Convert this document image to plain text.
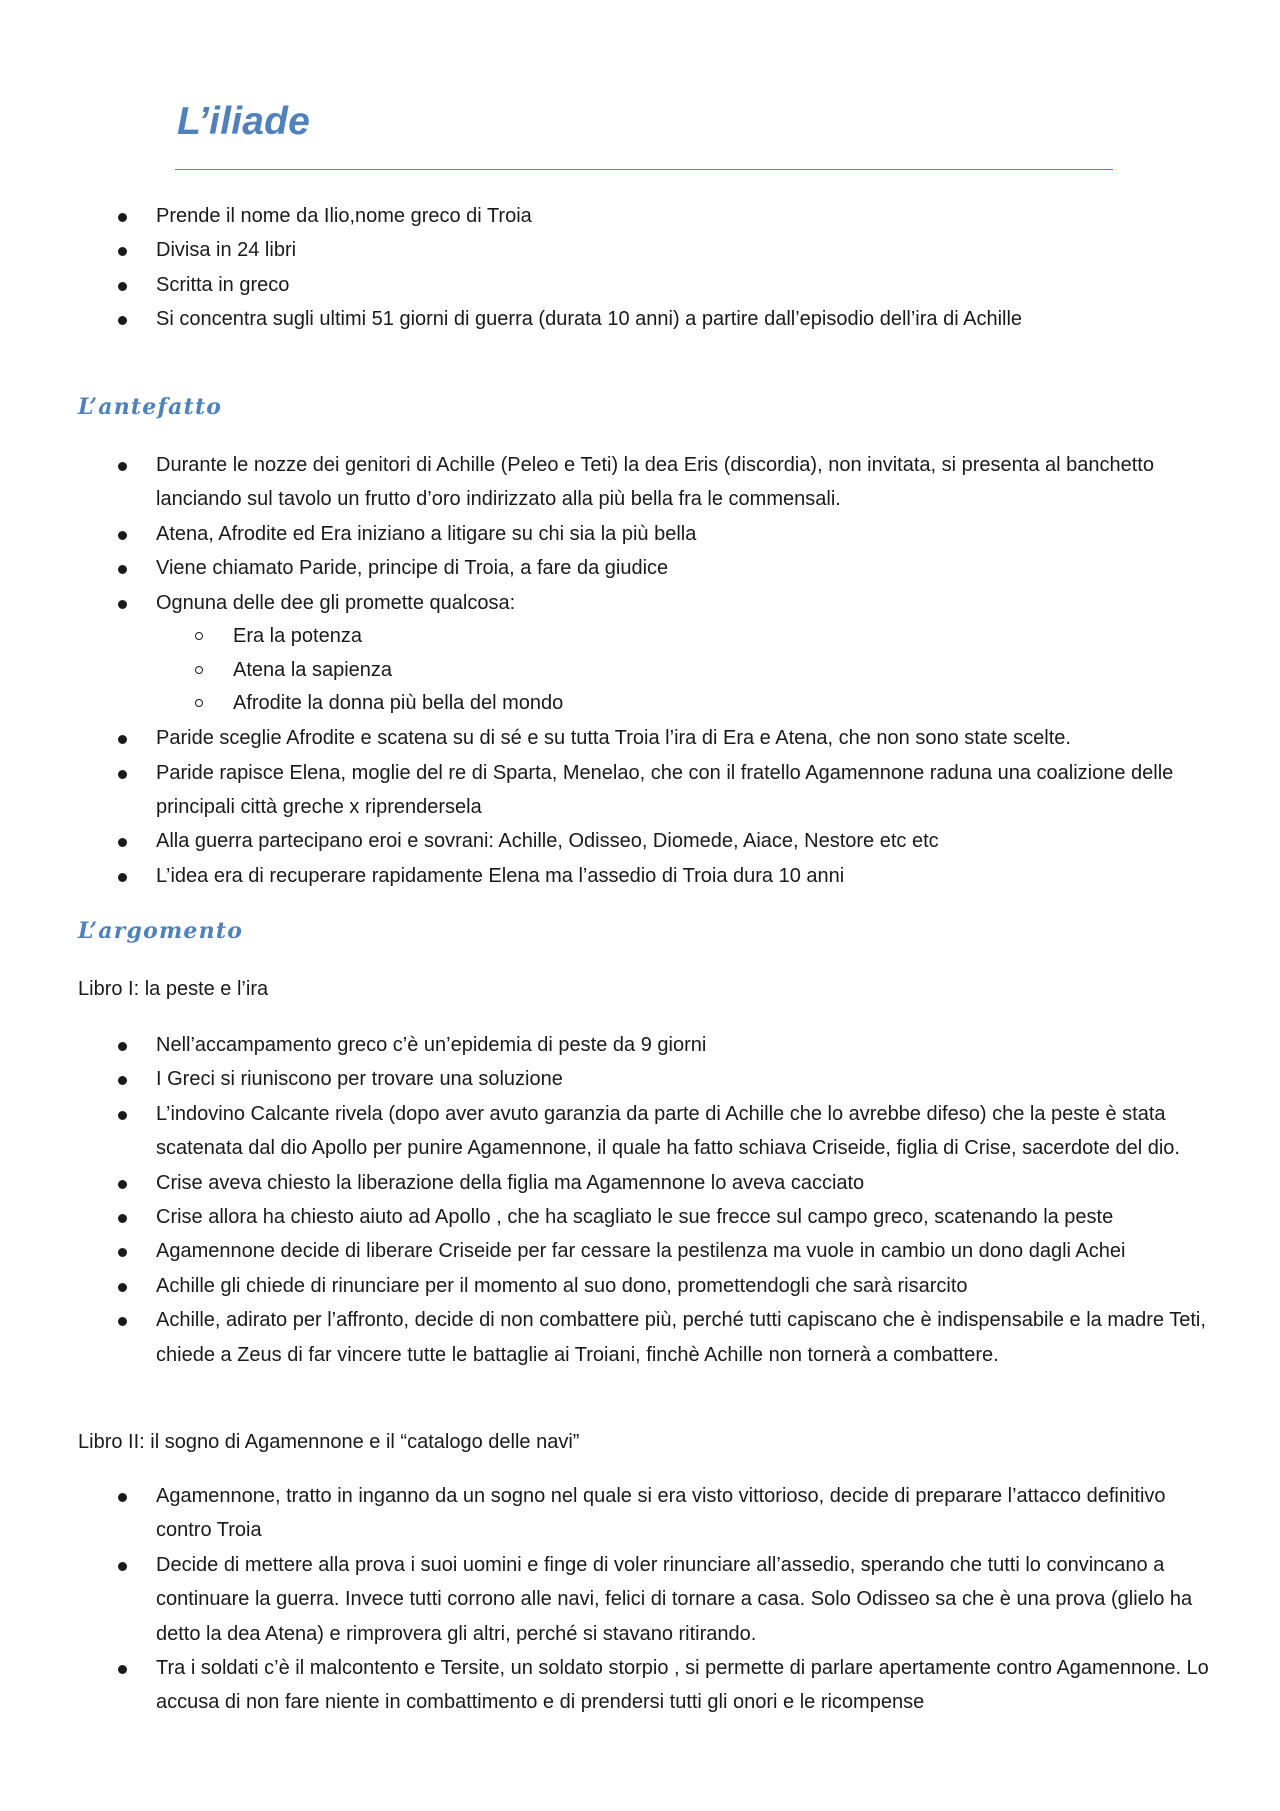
L’iliade
Prende il nome da Ilio,nome greco di Troia
Divisa in 24 libri
Scritta in greco
Si concentra sugli ultimi 51 giorni di guerra (durata 10 anni) a partire dall’episodio dell’ira di Achille
L’antefatto
Durante le nozze dei genitori di Achille (Peleo e Teti) la dea Eris (discordia), non invitata, si presenta al banchetto lanciando sul tavolo un frutto d’oro indirizzato alla più bella fra le commensali.
Atena, Afrodite ed Era iniziano a litigare su chi sia la più bella
Viene chiamato Paride, principe di Troia, a fare da giudice
Ognuna delle dee gli promette qualcosa:
Era la potenza
Atena la sapienza
Afrodite la donna più bella del mondo
Paride sceglie Afrodite e scatena su di sé e su tutta Troia l’ira di Era e Atena, che non sono state scelte.
Paride rapisce Elena, moglie del re di Sparta, Menelao, che con il fratello Agamennone raduna una coalizione delle principali città greche x riprendersela
Alla guerra partecipano eroi e sovrani: Achille, Odisseo, Diomede, Aiace, Nestore etc etc
L’idea era di recuperare rapidamente Elena ma l’assedio di Troia dura 10 anni
L’argomento

Libro I: la peste e l’ira

Nell’accampamento greco c’è un’epidemia di peste da 9 giorni
I Greci si riuniscono per trovare una soluzione
L’indovino Calcante rivela (dopo aver avuto garanzia da parte di Achille che lo avrebbe difeso) che la peste è stata scatenata dal dio Apollo per punire Agamennone, il quale ha fatto schiava Criseide, figlia di Crise, sacerdote del dio.
Crise aveva chiesto la liberazione della figlia ma Agamennone lo aveva cacciato
Crise allora ha chiesto aiuto ad Apollo , che ha scagliato le sue frecce sul campo greco, scatenando la peste
Agamennone decide di liberare Criseide per far cessare la pestilenza ma vuole in cambio un dono dagli Achei
Achille gli chiede di rinunciare per il momento al suo dono, promettendogli che sarà risarcito
Achille, adirato per l’affronto, decide di non combattere più, perché tutti capiscano che è indispensabile e la madre Teti, chiede a Zeus di far vincere tutte le battaglie ai Troiani, finchè Achille non tornerà a combattere.

Libro II: il sogno di Agamennone e il “catalogo delle navi”

Agamennone, tratto in inganno da un sogno nel quale si era visto vittorioso, decide di preparare l’attacco definitivo contro Troia
Decide di mettere alla prova i suoi uomini e finge di voler rinunciare all’assedio, sperando che tutti lo convincano a continuare la guerra. Invece tutti corrono alle navi, felici di tornare a casa. Solo Odisseo sa che è una prova (glielo ha detto la dea Atena) e rimprovera gli altri, perché si stavano ritirando.
Tra i soldati c’è il malcontento e Tersite, un soldato storpio , si permette di parlare apertamente contro Agamennone. Lo accusa di non fare niente in combattimento e di prendersi tutti gli onori e le ricompense
